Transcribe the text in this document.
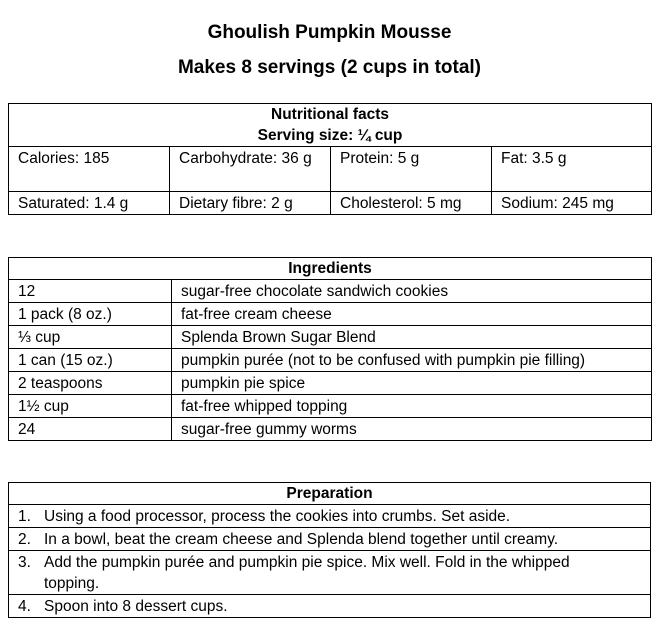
Ghoulish Pumpkin Mousse
Makes 8 servings (2 cups in total)
Nutritional facts
Serving size: ¼ cup			

Calories: 185	Carbohydrate: 36 g	Protein: 5 g	Fat: 3.5 g
Saturated: 1.4 g	Dietary fibre: 2 g	Cholesterol: 5 mg	Sodium: 245 mg
Ingredients	
12	sugar-free chocolate sandwich cookies
1 pack (8 oz.)	fat-free cream cheese
⅓ cup	Splenda Brown Sugar Blend
1 can (15 oz.)	pumpkin purée (not to be confused with pumpkin pie filling)
2 teaspoons	pumpkin pie spice
1½ cup	fat-free whipped topping
24	sugar-free gummy worms
Preparation
1. Using a food processor, process the cookies into crumbs. Set aside.
2. In a bowl, beat the cream cheese and Splenda blend together until creamy.
3. Add the pumpkin purée and pumpkin pie spice. Mix well. Fold in the whipped topping.
4. Spoon into 8 dessert cups.
